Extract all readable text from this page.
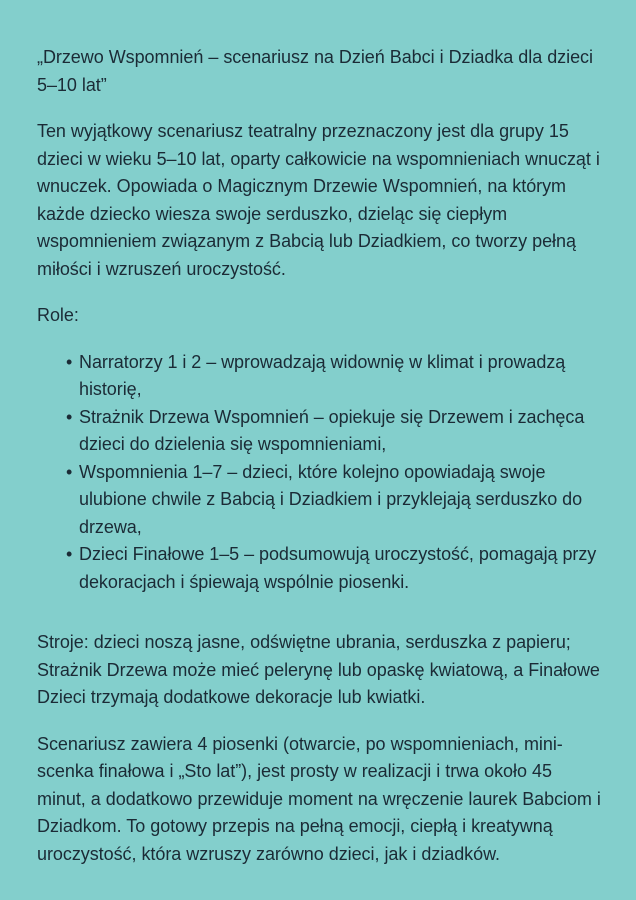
„Drzewo Wspomnień – scenariusz na Dzień Babci i Dziadka dla dzieci 5–10 lat”

Ten wyjątkowy scenariusz teatralny przeznaczony jest dla grupy 15 dzieci w wieku 5–10 lat, oparty całkowicie na wspomnieniach wnucząt i wnuczek. Opowiada o Magicznym Drzewie Wspomnień, na którym każde dziecko wiesza swoje serduszko, dzieląc się ciepłym wspomnieniem związanym z Babcią lub Dziadkiem, co tworzy pełną miłości i wzruszeń uroczystość.

Role:

• Narratorzy 1 i 2 – wprowadzają widownię w klimat i prowadzą historię,
• Strażnik Drzewa Wspomnień – opiekuje się Drzewem i zachęca dzieci do dzielenia się wspomnieniami,
• Wspomnienia 1–7 – dzieci, które kolejno opowiadają swoje ulubione chwile z Babcią i Dziadkiem i przyklejają serduszko do drzewa,
• Dzieci Finałowe 1–5 – podsumowują uroczystość, pomagają przy dekoracjach i śpiewają wspólnie piosenki.

Stroje: dzieci noszą jasne, odświętne ubrania, serduszka z papieru; Strażnik Drzewa może mieć pelerynę lub opaskę kwiatową, a Finałowe Dzieci trzymają dodatkowe dekoracje lub kwiatki.

Scenariusz zawiera 4 piosenki (otwarcie, po wspomnieniach, mini-scenka finałowa i „Sto lat”), jest prosty w realizacji i trwa około 45 minut, a dodatkowo przewiduje moment na wręczenie laurek Babciom i Dziadkom. To gotowy przepis na pełną emocji, ciepłą i kreatywną uroczystość, która wzruszy zarówno dzieci, jak i dziadków.
